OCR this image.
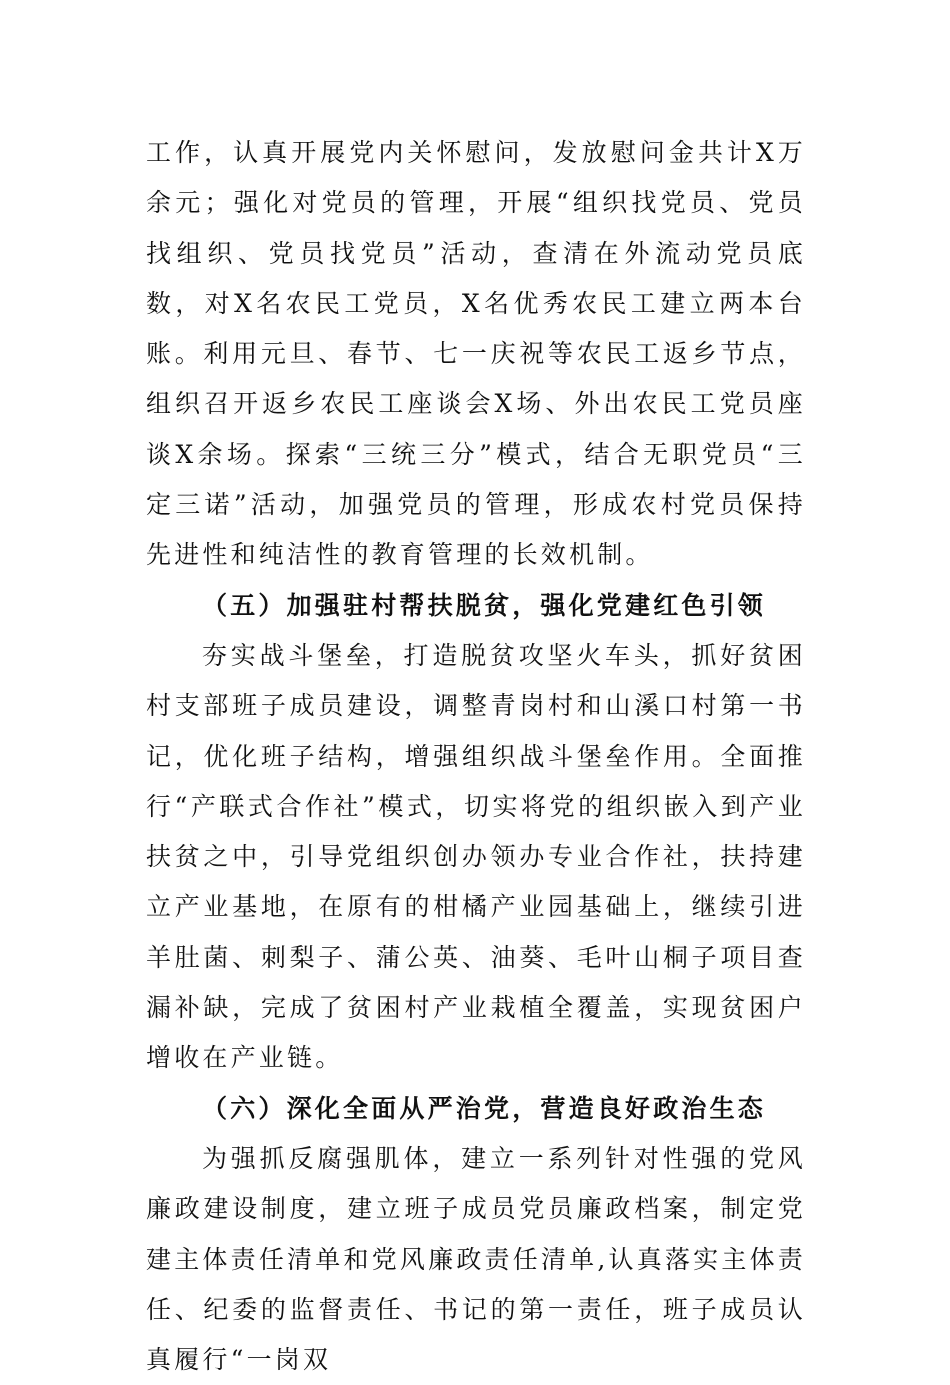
工作，认真开展党内关怀慰问，发放慰问金共计X万余元；强化对党员的管理，开展“组织找党员、党员找组织、党员找党员”活动，查清在外流动党员底数，对X名农民工党员，X名优秀农民工建立两本台账。利用元旦、春节、七一庆祝等农民工返乡节点，组织召开返乡农民工座谈会X场、外出农民工党员座谈X余场。探索“三统三分”模式，结合无职党员“三定三诺”活动，加强党员的管理，形成农村党员保持先进性和纯洁性的教育管理的长效机制。

（五）加强驻村帮扶脱贫，强化党建红色引领

夯实战斗堡垒，打造脱贫攻坚火车头，抓好贫困村支部班子成员建设，调整青岗村和山溪口村第一书记，优化班子结构，增强组织战斗堡垒作用。全面推行“产联式合作社”模式，切实将党的组织嵌入到产业扶贫之中，引导党组织创办领办专业合作社，扶持建立产业基地，在原有的柑橘产业园基础上，继续引进羊肚菌、刺梨子、蒲公英、油葵、毛叶山桐子项目查漏补缺，完成了贫困村产业栽植全覆盖，实现贫困户增收在产业链。

（六）深化全面从严治党，营造良好政治生态

为强抓反腐强肌体，建立一系列针对性强的党风廉政建设制度，建立班子成员党员廉政档案，制定党建主体责任清单和党风廉政责任清单,认真落实主体责任、纪委的监督责任、书记的第一责任，班子成员认真履行“一岗双
